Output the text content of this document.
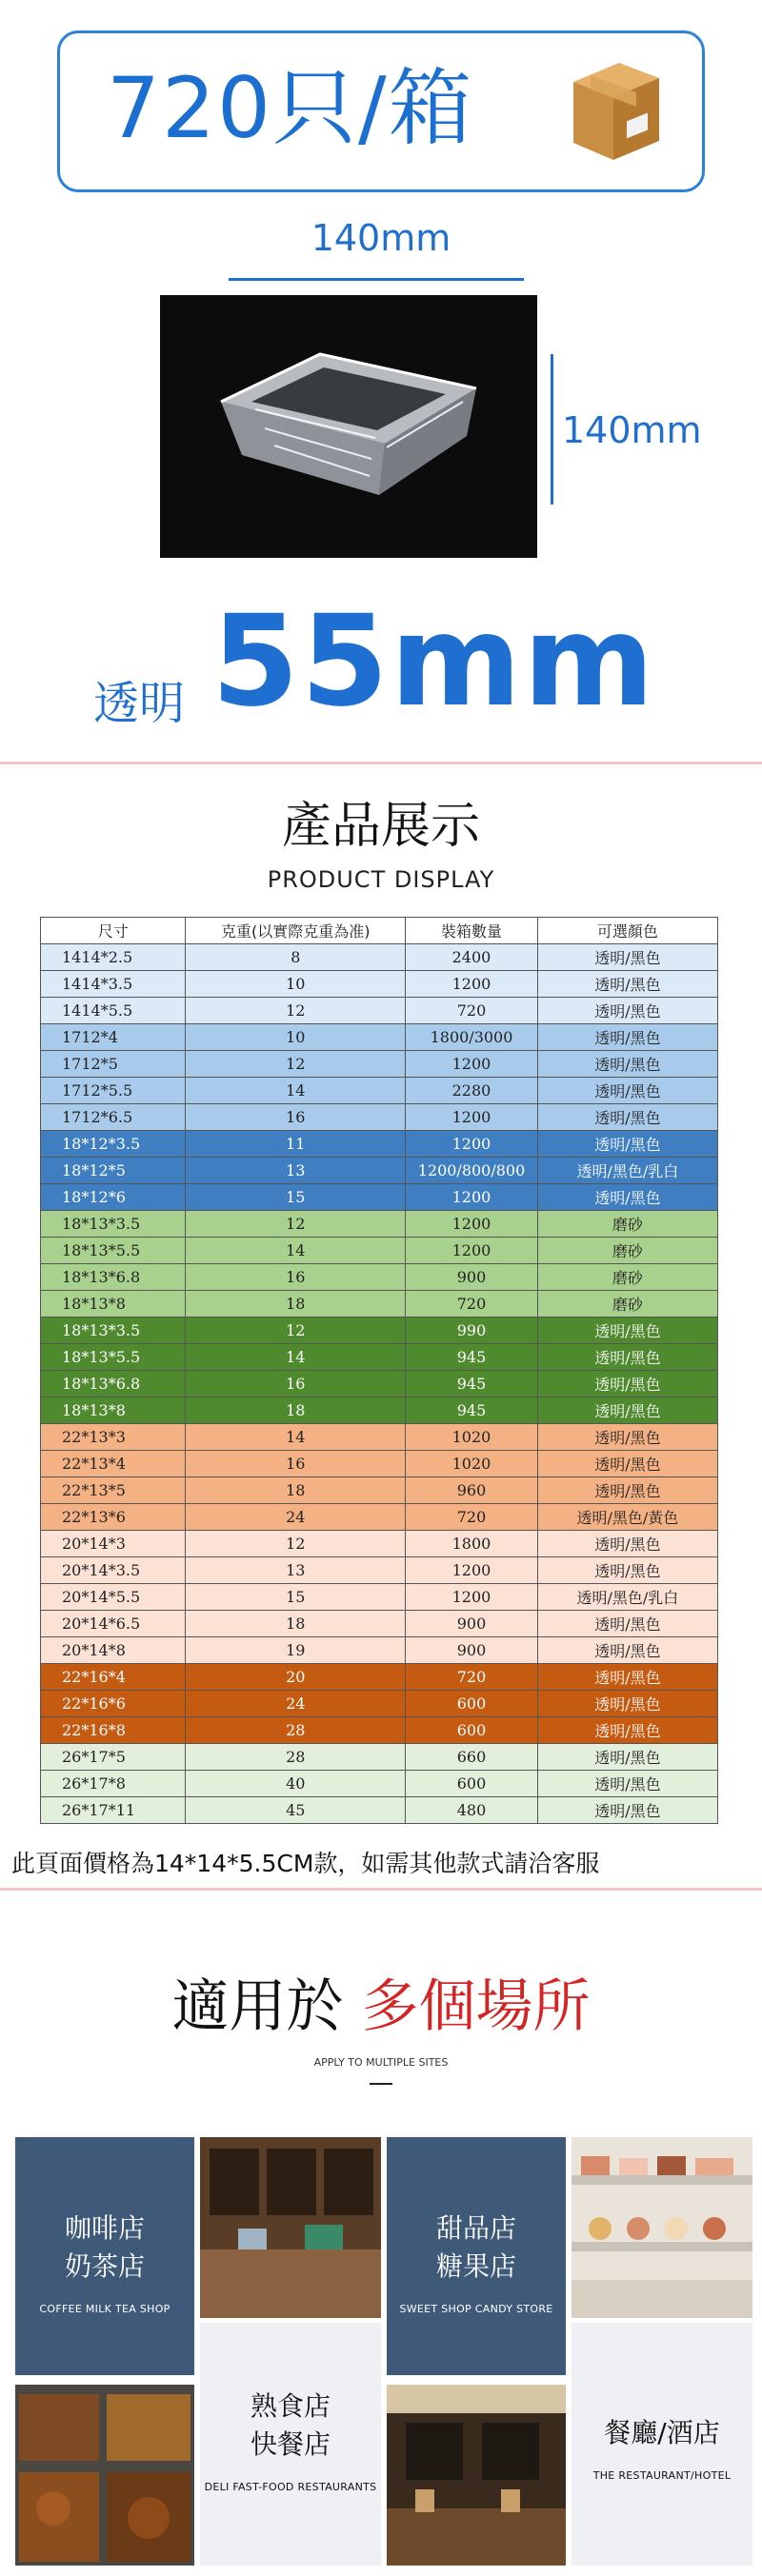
720只/箱
140mm
140mm
透明 55mm
產品展示
PRODUCT DISPLAY
尺寸	克重(以實際克重為准)	裝箱數量	可選顏色
1414*2.5	8	2400	透明/黑色
1414*3.5	10	1200	透明/黑色
1414*5.5	12	720	透明/黑色
1712*4	10	1800/3000	透明/黑色
1712*5	12	1200	透明/黑色
1712*5.5	14	2280	透明/黑色
1712*6.5	16	1200	透明/黑色
18*12*3.5	11	1200	透明/黑色
18*12*5	13	1200/800/800	透明/黑色/乳白
18*12*6	15	1200	透明/黑色
18*13*3.5	12	1200	磨砂
18*13*5.5	14	1200	磨砂
18*13*6.8	16	900	磨砂
18*13*8	18	720	磨砂
18*13*3.5	12	990	透明/黑色
18*13*5.5	14	945	透明/黑色
18*13*6.8	16	945	透明/黑色
18*13*8	18	945	透明/黑色
22*13*3	14	1020	透明/黑色
22*13*4	16	1020	透明/黑色
22*13*5	18	960	透明/黑色
22*13*6	24	720	透明/黑色/黃色
20*14*3	12	1800	透明/黑色
20*14*3.5	13	1200	透明/黑色
20*14*5.5	15	1200	透明/黑色/乳白
20*14*6.5	18	900	透明/黑色
20*14*8	19	900	透明/黑色
22*16*4	20	720	透明/黑色
22*16*6	24	600	透明/黑色
22*16*8	28	600	透明/黑色
26*17*5	28	660	透明/黑色
26*17*8	40	600	透明/黑色
26*17*11	45	480	透明/黑色
此頁面價格為14*14*5.5CM款，如需其他款式請洽客服
適用於 多個場所
APPLY TO MULTIPLE SITES
咖啡店
奶茶店
COFFEE MILK TEA SHOP
甜品店
糖果店
SWEET SHOP CANDY STORE
熟食店
快餐店
DELI FAST-FOOD RESTAURANTS
餐廳/酒店
THE RESTAURANT/HOTEL
